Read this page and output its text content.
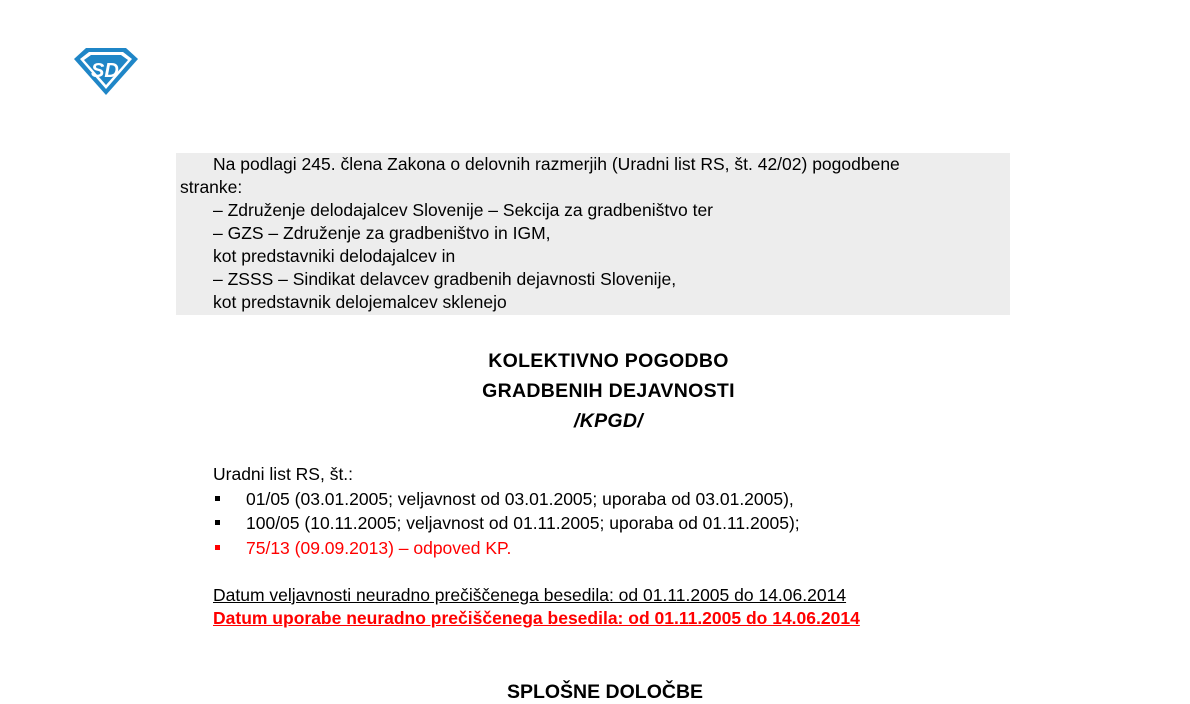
SD
Na podlagi 245. člena Zakona o delovnih razmerjih (Uradni list RS, št. 42/02) pogodbene
stranke:
– Združenje delodajalcev Slovenije – Sekcija za gradbeništvo ter
– GZS – Združenje za gradbeništvo in IGM,
kot predstavniki delodajalcev in
– ZSSS – Sindikat delavcev gradbenih dejavnosti Slovenije,
kot predstavnik delojemalcev sklenejo
KOLEKTIVNO POGODBO
GRADBENIH DEJAVNOSTI
/KPGD/
Uradni list RS, št.:
01/05 (03.01.2005; veljavnost od 03.01.2005; uporaba od 03.01.2005),
100/05 (10.11.2005; veljavnost od 01.11.2005; uporaba od 01.11.2005);
75/13 (09.09.2013) – odpoved KP.
Datum veljavnosti neuradno prečiščenega besedila: od 01.11.2005 do 14.06.2014
Datum uporabe neuradno prečiščenega besedila: od 01.11.2005 do 14.06.2014
SPLOŠNE DOLOČBE
